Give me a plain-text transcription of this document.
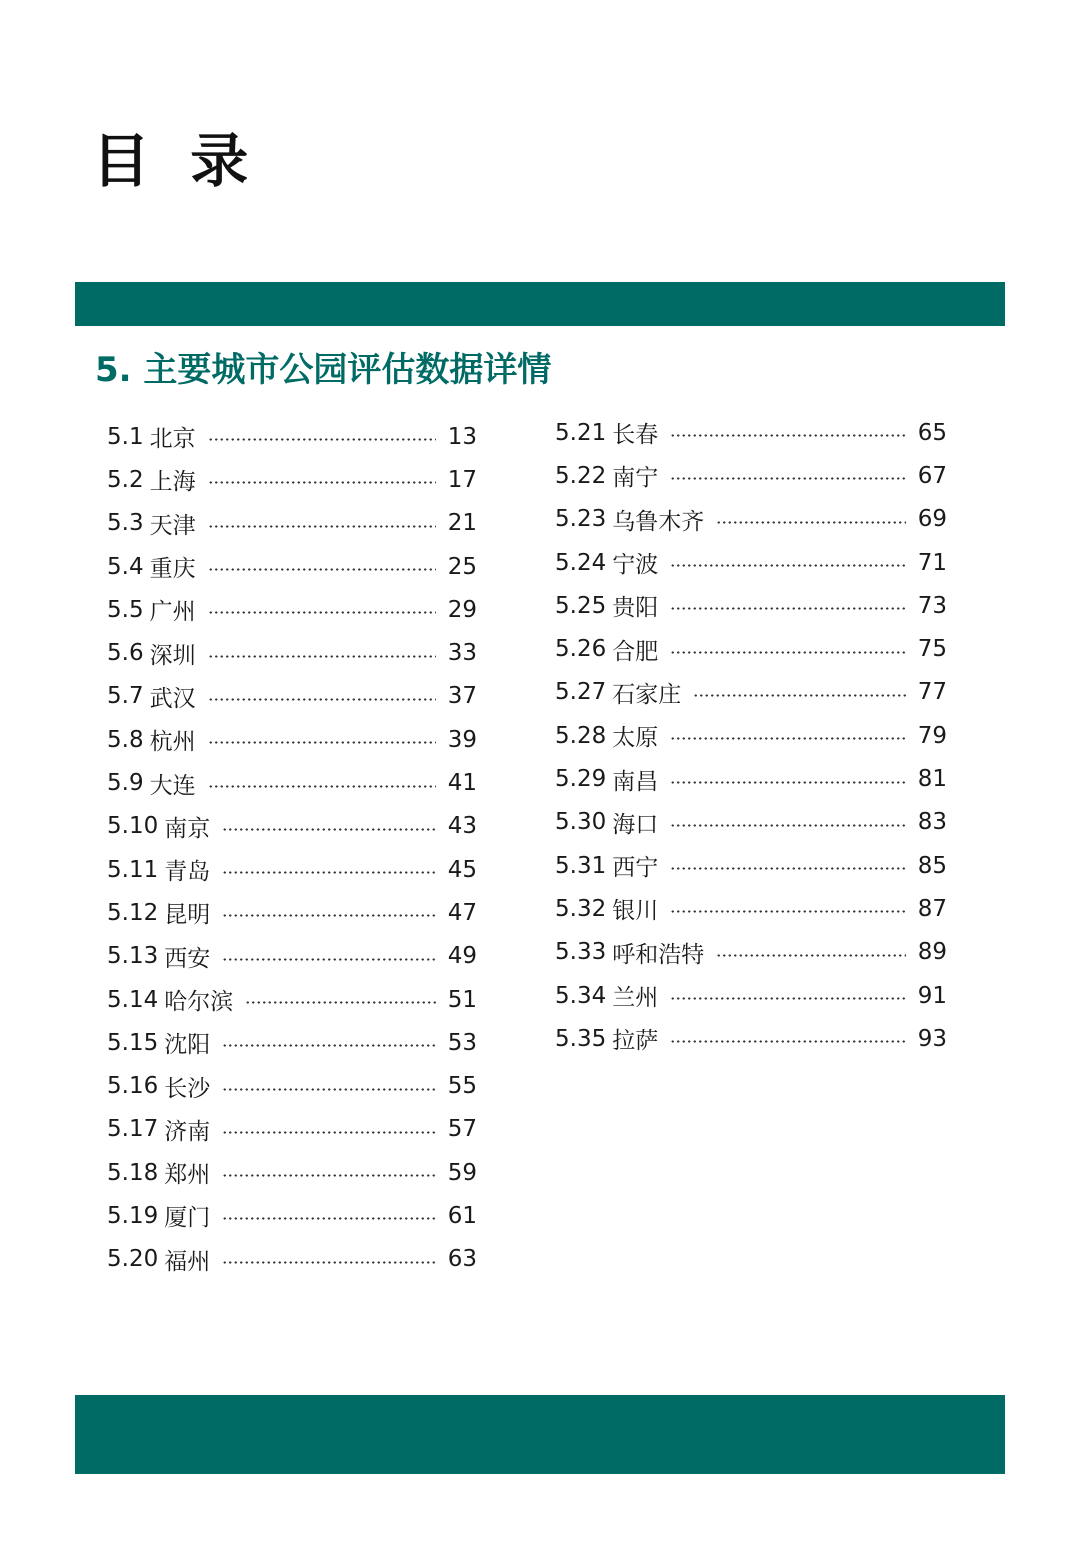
目 录
5. 主要城市公园评估数据详情
5.1 北京	13
5.2 上海	17
5.3 天津	21
5.4 重庆	25
5.5 广州	29
5.6 深圳	33
5.7 武汉	37
5.8 杭州	39
5.9 大连	41
5.10 南京	43
5.11 青岛	45
5.12 昆明	47
5.13 西安	49
5.14 哈尔滨	51
5.15 沈阳	53
5.16 长沙	55
5.17 济南	57
5.18 郑州	59
5.19 厦门	61
5.20 福州	63
5.21 长春	65
5.22 南宁	67
5.23 乌鲁木齐	69
5.24 宁波	71
5.25 贵阳	73
5.26 合肥	75
5.27 石家庄	77
5.28 太原	79
5.29 南昌	81
5.30 海口	83
5.31 西宁	85
5.32 银川	87
5.33 呼和浩特	89
5.34 兰州	91
5.35 拉萨	93
